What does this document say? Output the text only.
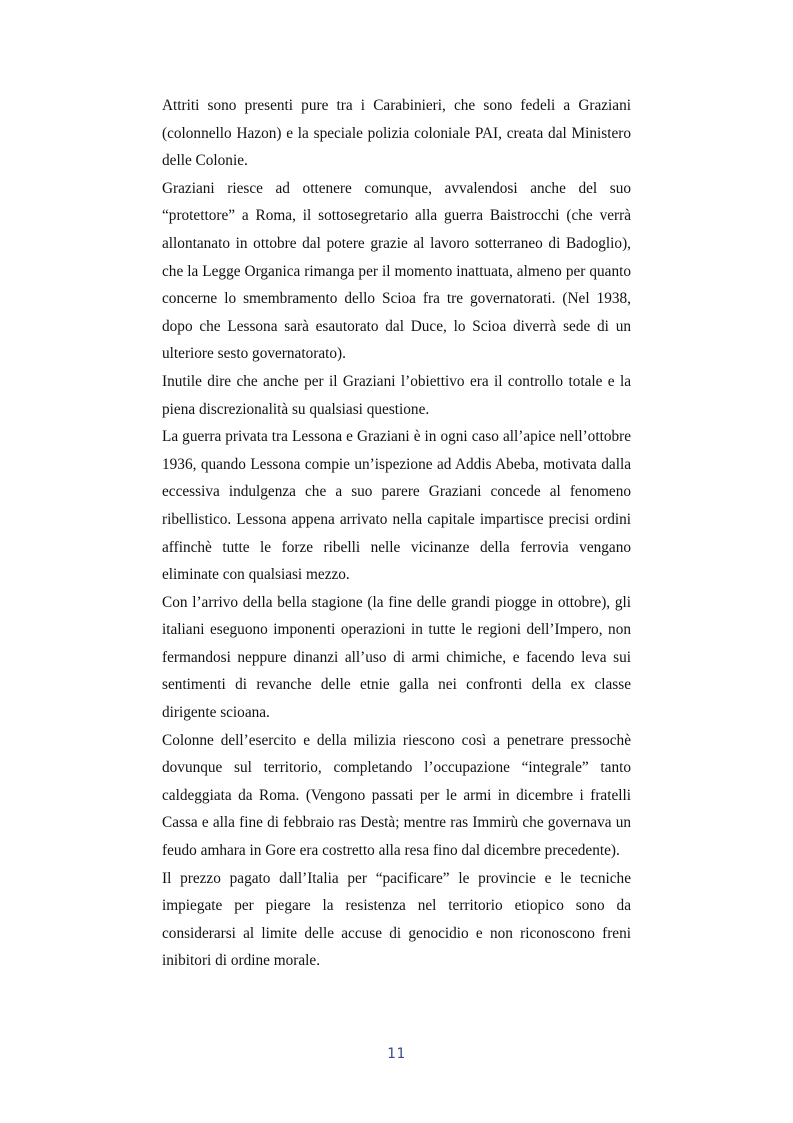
Attriti sono presenti pure tra i Carabinieri, che sono fedeli a Graziani (colonnello Hazon) e la speciale polizia coloniale PAI, creata dal Ministero delle Colonie.

Graziani riesce ad ottenere comunque, avvalendosi anche del suo “protettore” a Roma, il sottosegretario alla guerra Baistrocchi (che verrà allontanato in ottobre dal potere grazie al lavoro sotterraneo di Badoglio), che la Legge Organica rimanga per il momento inattuata, almeno per quanto concerne lo smembramento dello Scioa fra tre governatorati. (Nel 1938, dopo che Lessona sarà esautorato dal Duce, lo Scioa diverrà sede di un ulteriore sesto governatorato).

Inutile dire che anche per il Graziani l’obiettivo era il controllo totale e la piena discrezionalità su qualsiasi questione.

La guerra privata tra Lessona e Graziani è in ogni caso all’apice nell’ottobre 1936, quando Lessona compie un’ispezione ad Addis Abeba, motivata dalla eccessiva indulgenza che a suo parere Graziani concede al fenomeno ribellistico. Lessona appena arrivato nella capitale impartisce precisi ordini affinchè tutte le forze ribelli nelle vicinanze della ferrovia vengano eliminate con qualsiasi mezzo.

Con l’arrivo della bella stagione (la fine delle grandi piogge in ottobre), gli italiani eseguono imponenti operazioni in tutte le regioni dell’Impero, non fermandosi neppure dinanzi all’uso di armi chimiche, e facendo leva sui sentimenti di revanche delle etnie galla nei confronti della ex classe dirigente scioana.

Colonne dell’esercito e della milizia riescono così a penetrare pressochè dovunque sul territorio, completando l’occupazione “integrale” tanto caldeggiata da Roma. (Vengono passati per le armi in dicembre i fratelli Cassa e alla fine di febbraio ras Destà; mentre ras Immirù che governava un feudo amhara in Gore era costretto alla resa fino dal dicembre precedente).

Il prezzo pagato dall’Italia per “pacificare” le provincie e le tecniche impiegate per piegare la resistenza nel territorio etiopico sono da considerarsi al limite delle accuse di genocidio e non riconoscono freni inibitori di ordine morale.

11
